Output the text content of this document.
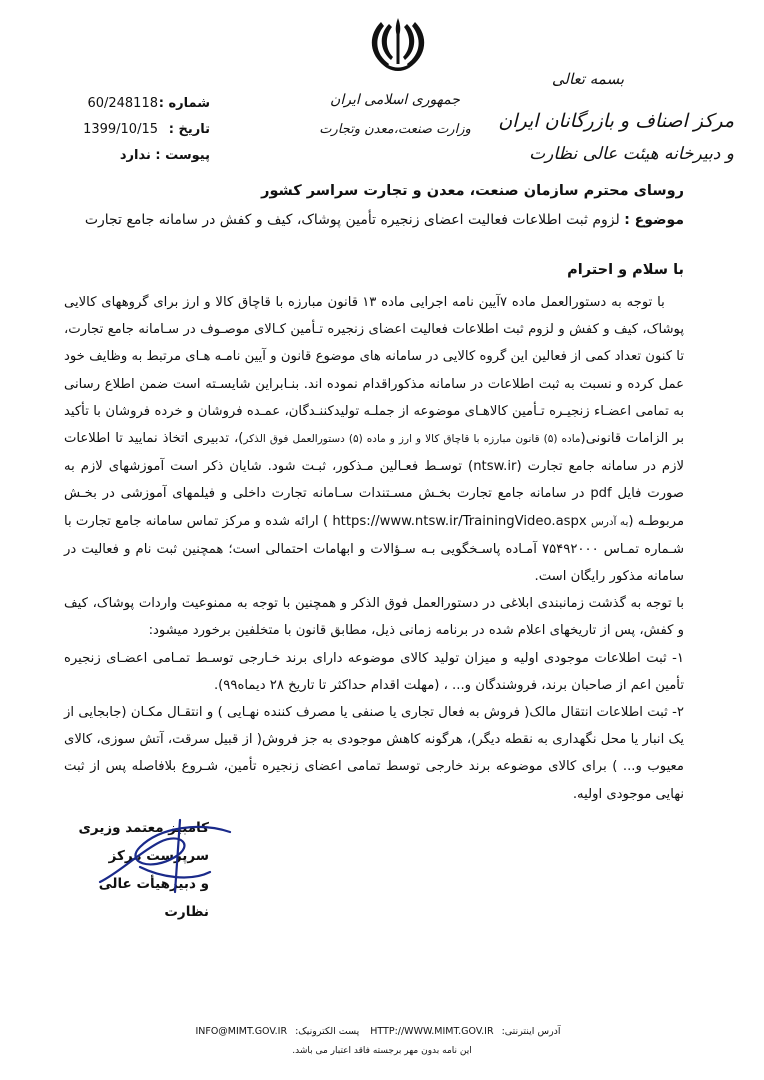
شماره :
60/248118
تاریخ :
1399/10/15
پیوست : ندارد
جمهوری اسلامی ایران
وزارت صنعت،معدن وتجارت
بسمه تعالی
مرکز اصناف و بازرگانان ایران
و دبیرخانه هیئت عالی نظارت
روسای محترم سازمان صنعت، معدن و تجارت سراسر کشور
موضوع : لزوم ثبت اطلاعات فعالیت اعضای زنجیره تأمین پوشاک، کیف و کفش در سامانه جامع تجارت
با سلام و احترام

با توجه به دستورالعمل ماده ۷آیین نامه اجرایی ماده ۱۳ قانون مبارزه با قاچاق کالا و ارز برای گروههای کالایی پوشاک، کیف و کفش و لزوم ثبت اطلاعات فعالیت اعضای زنجیره تـأمین کـالای موصـوف در سـامانه جامع تجارت، تا کنون تعداد کمی از فعالین این گروه کالایی در سامانه های موضوع قانون و آیین نامـه هـای مرتبط به وظایف خود عمل کرده و نسبت به ثبت اطلاعات در سامانه مذکوراقدام نموده اند. بنـابراین شایسـته است ضمن اطلاع رسانی به تمامی اعضـاء زنجیـره تـأمین کالاهـای موضوعه از جملـه تولیدکننـدگان، عمـده فروشان و خرده فروشان با تأکید بر الزامات قانونی(ماده (۵) قانون مبارزه با قاچاق کالا و ارز و ماده (۵) دستورالعمل فوق الذکر)، تدبیری اتخاذ نمایید تا اطلاعات لازم در سامانه جامع تجارت (ntsw.ir) توسـط فعـالین مـذکور، ثبـت شود. شایان ذکر است آموزشهای لازم به صورت فایل pdf در سامانه جامع تجارت بخـش مسـتندات سـامانه تجارت داخلی و فیلمهای آموزشی در بخـش مربوطـه (به آدرس https://www.ntsw.ir/TrainingVideo.aspx ) ارائه شده و مرکز تماس سامانه جامع تجارت با شـماره تمـاس ۷۵۴۹۲۰۰۰ آمـاده پاسـخگویی بـه سـؤالات و ابهامات احتمالی است؛ همچنین ثبت نام و فعالیت در سامانه مذکور رایگان است.

با توجه به گذشت زمانبندی ابلاغی در دستورالعمل فوق الذکر و همچنین با توجه به ممنوعیت واردات پوشاک، کیف و کفش، پس از تاریخهای اعلام شده در برنامه زمانی ذیل، مطابق قانون با متخلفین برخورد میشود:

۱- ثبت اطلاعات موجودی اولیه و میزان تولید کالای موضوعه دارای برند خـارجی توسـط تمـامی اعضـای زنجیره تأمین اعم از صاحبان برند، فروشندگان و... ، (مهلت اقدام حداکثر تا تاریخ ۲۸ دیماه۹۹).

۲- ثبت اطلاعات انتقال مالک( فروش به فعال تجاری یا صنفی یا مصرف کننده نهـایی ) و انتقـال مکـان (جابجایی از یک انبار یا محل نگهداری به نقطه دیگر)، هرگونه کاهش موجودی به جز فروش( از قبیل سرقت، آتش سوزی، کالای معیوب و... ) برای کالای موضوعه برند خارجی توسط تمامی اعضای زنجیره تأمین، شـروع بلافاصله پس از ثبت نهایی موجودی اولیه.

کامبیز معتمد وزیری
سرپرست مرکز
و دبیرهیأت عالی نظارت
آدرس اینترنتی:HTTP://WWW.MIMT.GOV.IR پست الکترونیک:INFO@MIMT.GOV.IR
این نامه بدون مهر برجسته فاقد اعتبار می باشد.
